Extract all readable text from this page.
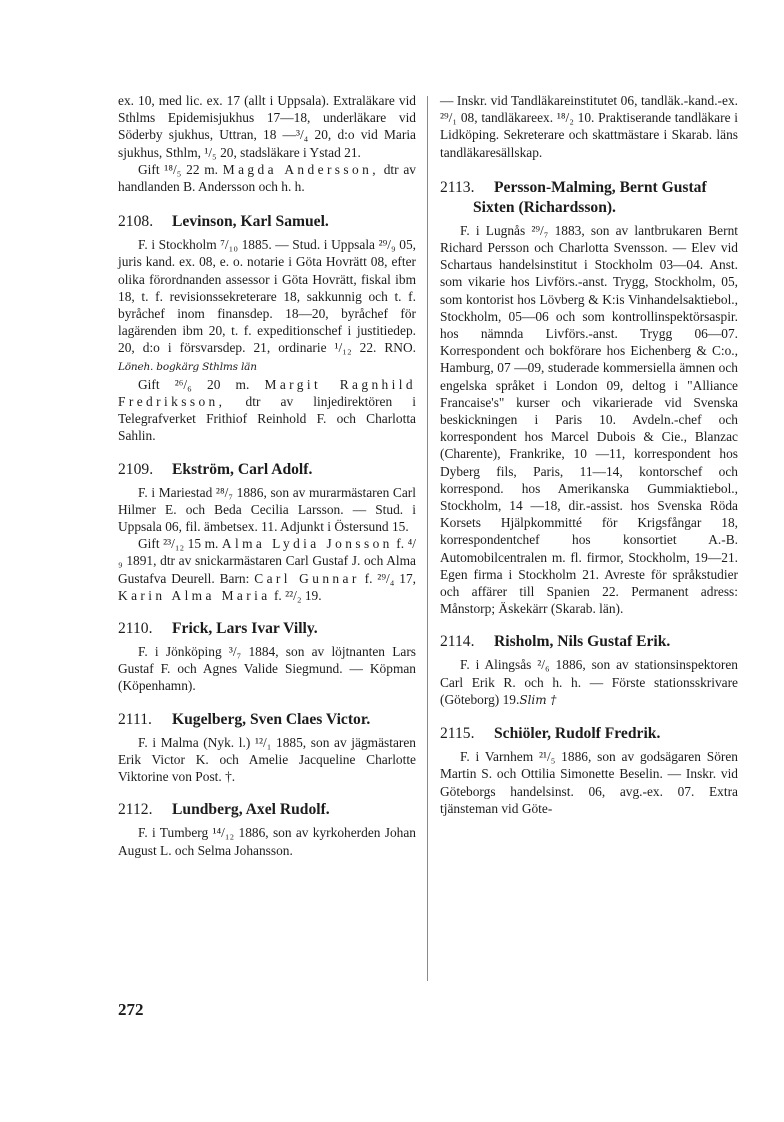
ex. 10, med lic. ex. 17 (allt i Uppsala). Extraläkare vid Sthlms Epidemisjukhus 17—18, underläkare vid Söderby sjukhus, Uttran, 18 —³/₄ 20, d:o vid Maria sjukhus, Sthlm, ¹/₅ 20, stadsläkare i Ystad 21.

Gift ¹⁸/₅ 22 m. Magda Andersson, dtr av handlanden B. Andersson och h. h.

2108. Levinson, Karl Samuel.

F. i Stockholm ⁷/₁₀ 1885. — Stud. i Uppsala ²⁹/₉ 05, juris kand. ex. 08, e. o. notarie i Göta Hovrätt 08, efter olika förordnanden assessor i Göta Hovrätt, fiskal ibm 18, t. f. revisionssekreterare 18, sakkunnig och t. f. byråchef inom finansdep. 18—20, byråchef för lagärenden ibm 20, t. f. expeditionschef i justitiedep. 20, d:o i försvarsdep. 21, ordinarie ¹/₁₂ 22. RNO. Löneh. bogkärg Sthlms län

Gift ²⁶/₆ 20 m. Margit Ragnhild Fredriksson, dtr av linjedirektören i Telegrafverket Frithiof Reinhold F. och Charlotta Sahlin.

2109. Ekström, Carl Adolf.

F. i Mariestad ²⁸/₇ 1886, son av murarmästaren Carl Hilmer E. och Beda Cecilia Larsson. — Stud. i Uppsala 06, fil. ämbetsex. 11. Adjunkt i Östersund 15.

Gift ²³/₁₂ 15 m. Alma Lydia Jonsson f. ⁴/₉ 1891, dtr av snickarmästaren Carl Gustaf J. och Alma Gustafva Deurell. Barn: Carl Gunnar f. ²⁹/₄ 17, Karin Alma Maria f. ²²/₂ 19.

2110. Frick, Lars Ivar Villy.

F. i Jönköping ³/₇ 1884, son av löjtnanten Lars Gustaf F. och Agnes Valide Siegmund. — Köpman (Köpenhamn).

2111. Kugelberg, Sven Claes Victor.

F. i Malma (Nyk. l.) ¹²/₁ 1885, son av jägmästaren Erik Victor K. och Amelie Jacqueline Charlotte Viktorine von Post. †.

2112. Lundberg, Axel Rudolf.

F. i Tumberg ¹⁴/₁₂ 1886, son av kyrkoherden Johan August L. och Selma Johansson.

— Inskr. vid Tandläkareinstitutet 06, tandläk.-kand.-ex. ²⁹/₁ 08, tandläkareex. ¹⁸/₂ 10. Praktiserande tandläkare i Lidköping. Sekreterare och skattmästare i Skarab. läns tandläkaresällskap.

2113. Persson-Malming, Bernt Gustaf Sixten (Richardsson).

F. i Lugnås ²⁹/₇ 1883, son av lantbrukaren Bernt Richard Persson och Charlotta Svensson. — Elev vid Schartaus handelsinstitut i Stockholm 03—04. Anst. som vikarie hos Livförs.-anst. Trygg, Stockholm, 05, som kontorist hos Lövberg & K:is Vinhandelsaktiebol., Stockholm, 05—06 och som kontrollinspektörsaspir. hos nämnda Livförs.-anst. Trygg 06—07. Korrespondent och bokförare hos Eichenberg & C:o., Hamburg, 07 —09, studerade kommersiella ämnen och engelska språket i London 09, deltog i "Alliance Francaise's" kurser och vikarierade vid Svenska beskickningen i Paris 10. Avdeln.-chef och korrespondent hos Marcel Dubois & Cie., Blanzac (Charente), Frankrike, 10 —11, korrespondent hos Dyberg fils, Paris, 11—14, kontorschef och korrespond. hos Amerikanska Gummiaktiebol., Stockholm, 14 —18, dir.-assist. hos Svenska Röda Korsets Hjälpkommitté för Krigsfångar 18, korrespondentchef hos konsortiet A.-B. Automobilcentralen m. fl. firmor, Stockholm, 19—21. Egen firma i Stockholm 21. Avreste för språkstudier och affärer till Spanien 22. Permanent adress: Månstorp; Äskekärr (Skarab. län).

2114. Risholm, Nils Gustaf Erik.

F. i Alingsås ²/₆ 1886, son av stationsinspektoren Carl Erik R. och h. h. — Förste stationsskrivare (Göteborg) 19.Slim †

2115. Schiöler, Rudolf Fredrik.

F. i Varnhem ²¹/₅ 1886, son av godsägaren Sören Martin S. och Ottilia Simonette Beselin. — Inskr. vid Göteborgs handelsinst. 06, avg.-ex. 07. Extra tjänsteman vid Göte-

272
